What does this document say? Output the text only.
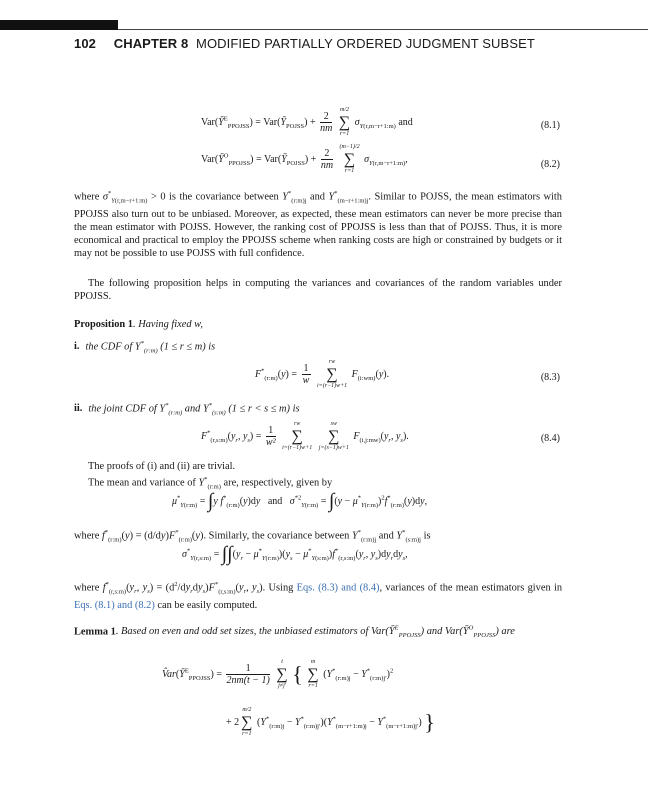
102 CHAPTER 8 MODIFIED PARTIALLY ORDERED JUDGMENT SUBSET
$Var(Ȳ^E_{PPOJSS})$ = $Var(Ȳ_{POJSS}) + \frac{2}{nm}$

m/2
∑
r=1
$\sigma_{Y(r,m-r+1:m)}$ and	(8.1)
$Var(Ȳ^O_{PPOJSS})$ = $Var(Ȳ_{POJSS}) + \frac{2}{nm}$

(m−1)/2
∑
r=1
$\sigma_{Y(r,m-r+1:m)}$,	(8.2)
where $\sigma^*_{Y(r,m-r+1:m)} > 0$ is the covariance between $Y^*_{(r:m)j}$ and $Y^*_{(m-r+1:m)j}$. Similar to POJSS, the mean estimators with PPOJSS also turn out to be unbiased. Moreover, as expected, these mean estimators can never be more precise than the mean estimator with POJSS. However, the ranking cost of PPOJSS is less than that of POJSS. Thus, it is more economical and practical to employ the PPOJSS scheme when ranking costs are high or constrained by budgets or it may not be possible to use POJSS with full confidence.
The following proposition helps in computing the variances and covariances of the random variables under PPOJSS.
Proposition 1. Having fixed w,
i. the CDF of $Y^*_{(r:m)}$ (1 ≤ r ≤ m) is
$F^*_{(r:m)}(y) = \frac{1}{w}$

rw
∑
i=(r−1)w+1
$F_{(i:wm)}(y)$.	(8.3)
ii. the joint CDF of $Y^*_{(r:m)}$ and $Y^*_{(s:m)}$ (1 ≤ r < s ≤ m) is
$F^*_{(r,s:m)}(y_r$, $y_s) = \frac{1}{\text{w²}}$

rw
∑
i=(r−1)w+1

sw
∑
j=(s−1)w+1
$F_{(i,j:mw)}(y_r$, $y_s$).	(8.4)
The proofs of (i) and (ii) are trivial.
The mean and variance of $Y^*_{(r:m)}$ are, respectively, given by
$\mu^*_{Y(r:m)} = \int y$ $f^*_{(r:m)}(y)dy$ and $\sigma^{*2}_{Y(r:m)} = \int(y - \mu^*_{Y(r:m)})^2f^*_{(r:m)}(y)dy$,
where $f^*_{(r:m)}(y) = (d/dy)F^*_{(r:m)}(y)$. Similarly, the covariance between $Y^*_{(r:m)j}$ and $Y^*_{(s:m)j}$ is
$\sigma^*_{Y(r,s:m)} = \int\int(y_r - \mu^*_{Y(r:m)})(y_s - \mu^*_{Y(s:m)})f^*_{(r,s:m)}(y_r$, $y_s)dy_rdy_s$,
where $f^*_{(r,s:m)}(y_r$, $y_s) = (d^2/dy_rdy_s)F^*_{(r,s:m)}(y_r$, $y_s$). Using Eqs. (8.3) and (8.4), variances of the mean estimators given in Eqs. (8.1) and (8.2) can be easily computed.
Lemma 1. Based on even and odd set sizes, the unbiased estimators of $Var(Ȳ^E_{PPOJSS})$ and $Var(Ȳ^O_{PPOJSS})$ are
$V̂ar(Ȳ^E_{PPOJSS}) = \frac{1}{2nm(t - 1)}$

t
∑
j≠j′ {	m
∑
r=1
$(Y^*_{(r:m)j} - Y^*_{(r:m)j'})^2$
+ 2
m/2
∑
r=1
$(Y^*_{(r:m)j} - Y^*_{(r:m)j'})(Y^*_{(m-r+1:m)j} - Y^*_{(m-r+1:m)j'})$ }
